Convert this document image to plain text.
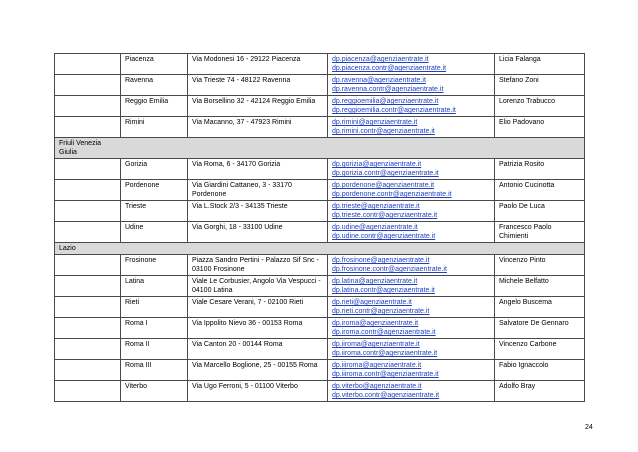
	Piacenza	Via Modonesi 16 - 29122 Piacenza	dp.piacenza@agenziaentrate.it
dp.piacenza.contr@agenziaentrate.it	Licia Falanga
	Ravenna	Via Trieste 74 - 48122 Ravenna	dp.ravenna@agenziaentrate.it
dp.ravenna.contr@agenziaentrate.it	Stefano Zoni
	Reggio Emilia	Via Borsellino 32 - 42124 Reggio Emilia	dp.reggioemilia@agenziaentrate.it
dp.reggioemilia.contr@agenziaentrate.it	Lorenzo Trabucco
	Rimini	Via Macanno, 37 - 47923 Rimini	dp.rimini@agenziaentrate.it
dp.rimini.contr@agenziaentrate.it	Elio Padovano
Friuli Venezia Giulia				
	Gorizia	Via Roma, 6 - 34170 Gorizia	dp.gorizia@agenziaentrate.it
dp.gorizia.contr@agenziaentrate.it	Patrizia Rosito
	Pordenone	Via Giardini Cattaneo, 3 - 33170 Pordenone	dp.pordenone@agenziaentrate.it
dp.pordenone.contr@agenziaentrate.it	Antonio Cucinotta
	Trieste	Via L.Stock 2/3 - 34135 Trieste	dp.trieste@agenziaentrate.it
dp.trieste.contr@agenziaentrate.it	Paolo De Luca
	Udine	Via Gorghi, 18 - 33100 Udine	dp.udine@agenziaentrate.it
dp.udine.contr@agenziaentrate.it	Francesco Paolo Chimienti
Lazio				
	Frosinone	Piazza Sandro Pertini - Palazzo Sif Snc - 03100 Frosinone	dp.frosinone@agenziaentrate.it
dp.frosinone.contr@agenziaentrate.it	Vincenzo Pinto
	Latina	Viale Le Corbusier, Angolo Via Vespucci - 04100 Latina	dp.latina@agenziaentrate.it
dp.latina.contr@agenziaentrate.it	Michele Belfatto
	Rieti	Viale Cesare Verani, 7 - 02100 Rieti	dp.rieti@agenziaentrate.it
dp.rieti.contr@agenziaentrate.it	Angelo Buscema
	Roma I	Via Ippolito Nievo 36 - 00153 Roma	dp.iroma@agenziaentrate.it
dp.iroma.contr@agenziaentrate.it	Salvatore De Gennaro
	Roma II	Via Canton 20 - 00144 Roma	dp.iiroma@agenziaentrate.it
dp.iiroma.contr@agenziaentrate.it	Vincenzo Carbone
	Roma III	Via Marcello Boglione, 25 - 00155 Roma	dp.iiiroma@agenziaentrate.it
dp.iiiroma.contr@agenziaentrate.it	Fabio Ignaccolo
	Viterbo	Via Ugo Ferroni, 5 - 01100 Viterbo	dp.viterbo@agenziaentrate.it
dp.viterbo.contr@agenziaentrate.it	Adolfo Bray
24
